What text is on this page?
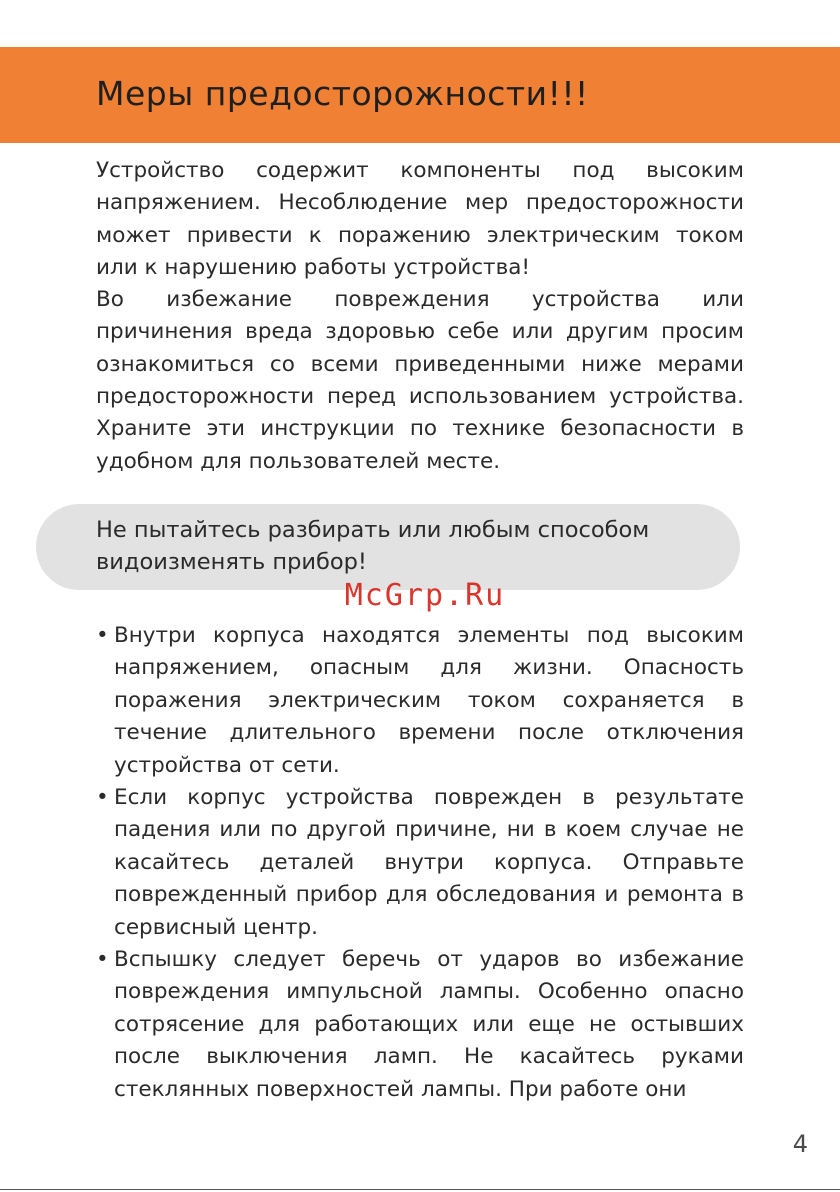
Меры предосторожности!!!

Устройство содержит компоненты под высоким напряжением. Несоблюдение мер предосторожности может привести к поражению электрическим током или к нарушению работы устройства!

Во избежание повреждения устройства или причинения вреда здоровью себе или другим просим ознакомиться со всеми приведенными ниже мерами предосторожности перед использованием устройства. Храните эти инструкции по технике безопасности в удобном для пользователей месте.

Не пытайтесь разбирать или любым способом видоизменять прибор!

McGrp.Ru
• Внутри корпуса находятся элементы под высоким напряжением, опасным для жизни. Опасность поражения электрическим током сохраняется в течение длительного времени после отключения устройства от сети.
• Если корпус устройства поврежден в результате падения или по другой причине, ни в коем случае не касайтесь деталей внутри корпуса. Отправьте поврежденный прибор для обследования и ремонта в сервисный центр.
• Вспышку следует беречь от ударов во избежание повреждения импульсной лампы. Особенно опасно сотрясение для работающих или еще не остывших после выключения ламп. Не касайтесь руками стеклянных поверхностей лампы. При работе они
4
